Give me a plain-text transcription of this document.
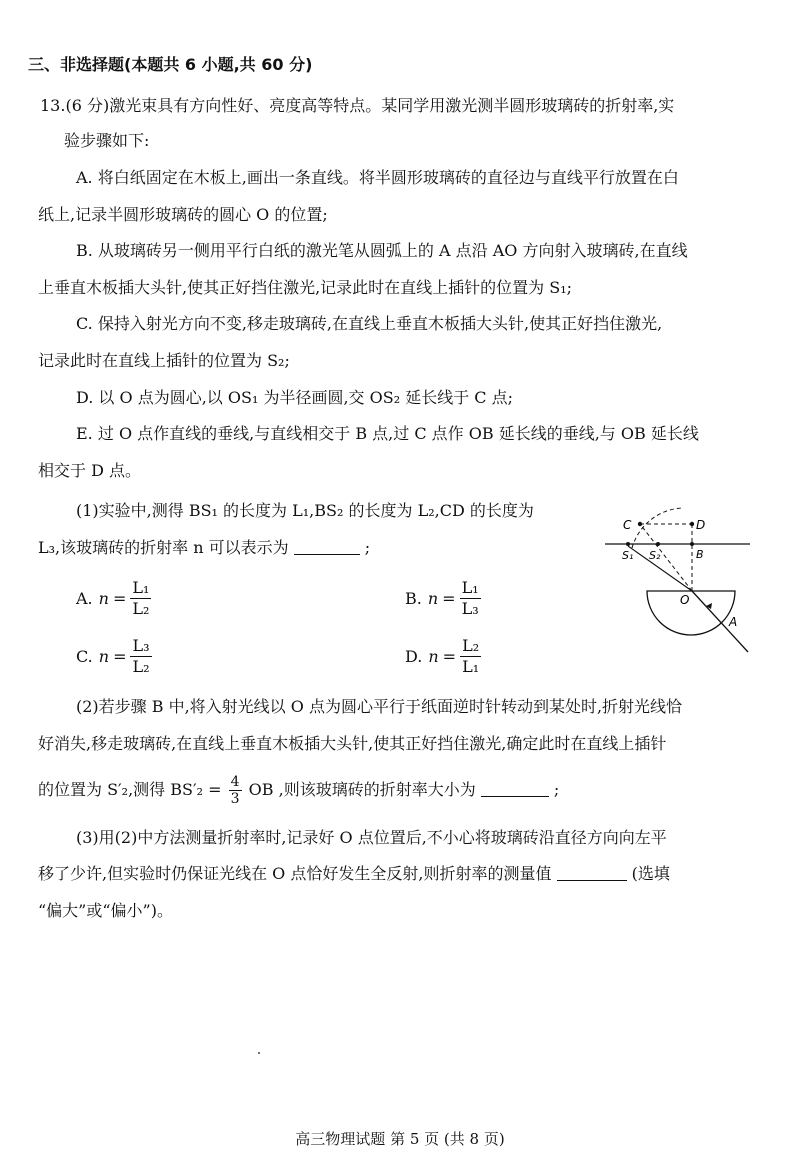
三、非选择题(本题共 6 小题,共 60 分)
13.(6 分)激光束具有方向性好、亮度高等特点。某同学用激光测半圆形玻璃砖的折射率,实
验步骤如下:
A. 将白纸固定在木板上,画出一条直线。将半圆形玻璃砖的直径边与直线平行放置在白
纸上,记录半圆形玻璃砖的圆心 O 的位置;
B. 从玻璃砖另一侧用平行白纸的激光笔从圆弧上的 A 点沿 AO 方向射入玻璃砖,在直线
上垂直木板插大头针,使其正好挡住激光,记录此时在直线上插针的位置为 S₁;
C. 保持入射光方向不变,移走玻璃砖,在直线上垂直木板插大头针,使其正好挡住激光,
记录此时在直线上插针的位置为 S₂;
D. 以 O 点为圆心,以 OS₁ 为半径画圆,交 OS₂ 延长线于 C 点;
E. 过 O 点作直线的垂线,与直线相交于 B 点,过 C 点作 OB 延长线的垂线,与 OB 延长线
相交于 D 点。
(1)实验中,测得 BS₁ 的长度为 L₁,BS₂ 的长度为 L₂,CD 的长度为
L₃,该玻璃砖的折射率 n 可以表示为	;
A. $n = \frac{\text{L₁}}{\text{L₂}}$	B. $n = \frac{\text{L₁}}{\text{L₃}}$
C. $n = \frac{\text{L₃}}{\text{L₂}}$	D. $n = \frac{\text{L₂}}{\text{L₁}}$
C	D
S₁ S₂	B
O
A
(2)若步骤 B 中,将入射光线以 O 点为圆心平行于纸面逆时针转动到某处时,折射光线恰
好消失,移走玻璃砖,在直线上垂直木板插大头针,使其正好挡住激光,确定此时在直线上插针
的位置为 S′₂,测得 $BS'_2 = \frac{4}{3}$ OB ,则该玻璃砖的折射率大小为	;
(3)用(2)中方法测量折射率时,记录好 O 点位置后,不小心将玻璃砖沿直径方向向左平
移了少许,但实验时仍保证光线在 O 点恰好发生全反射,则折射率的测量值	(选填
“偏大”或“偏小”)。
高三物理试题 第 5 页 (共 8 页)
